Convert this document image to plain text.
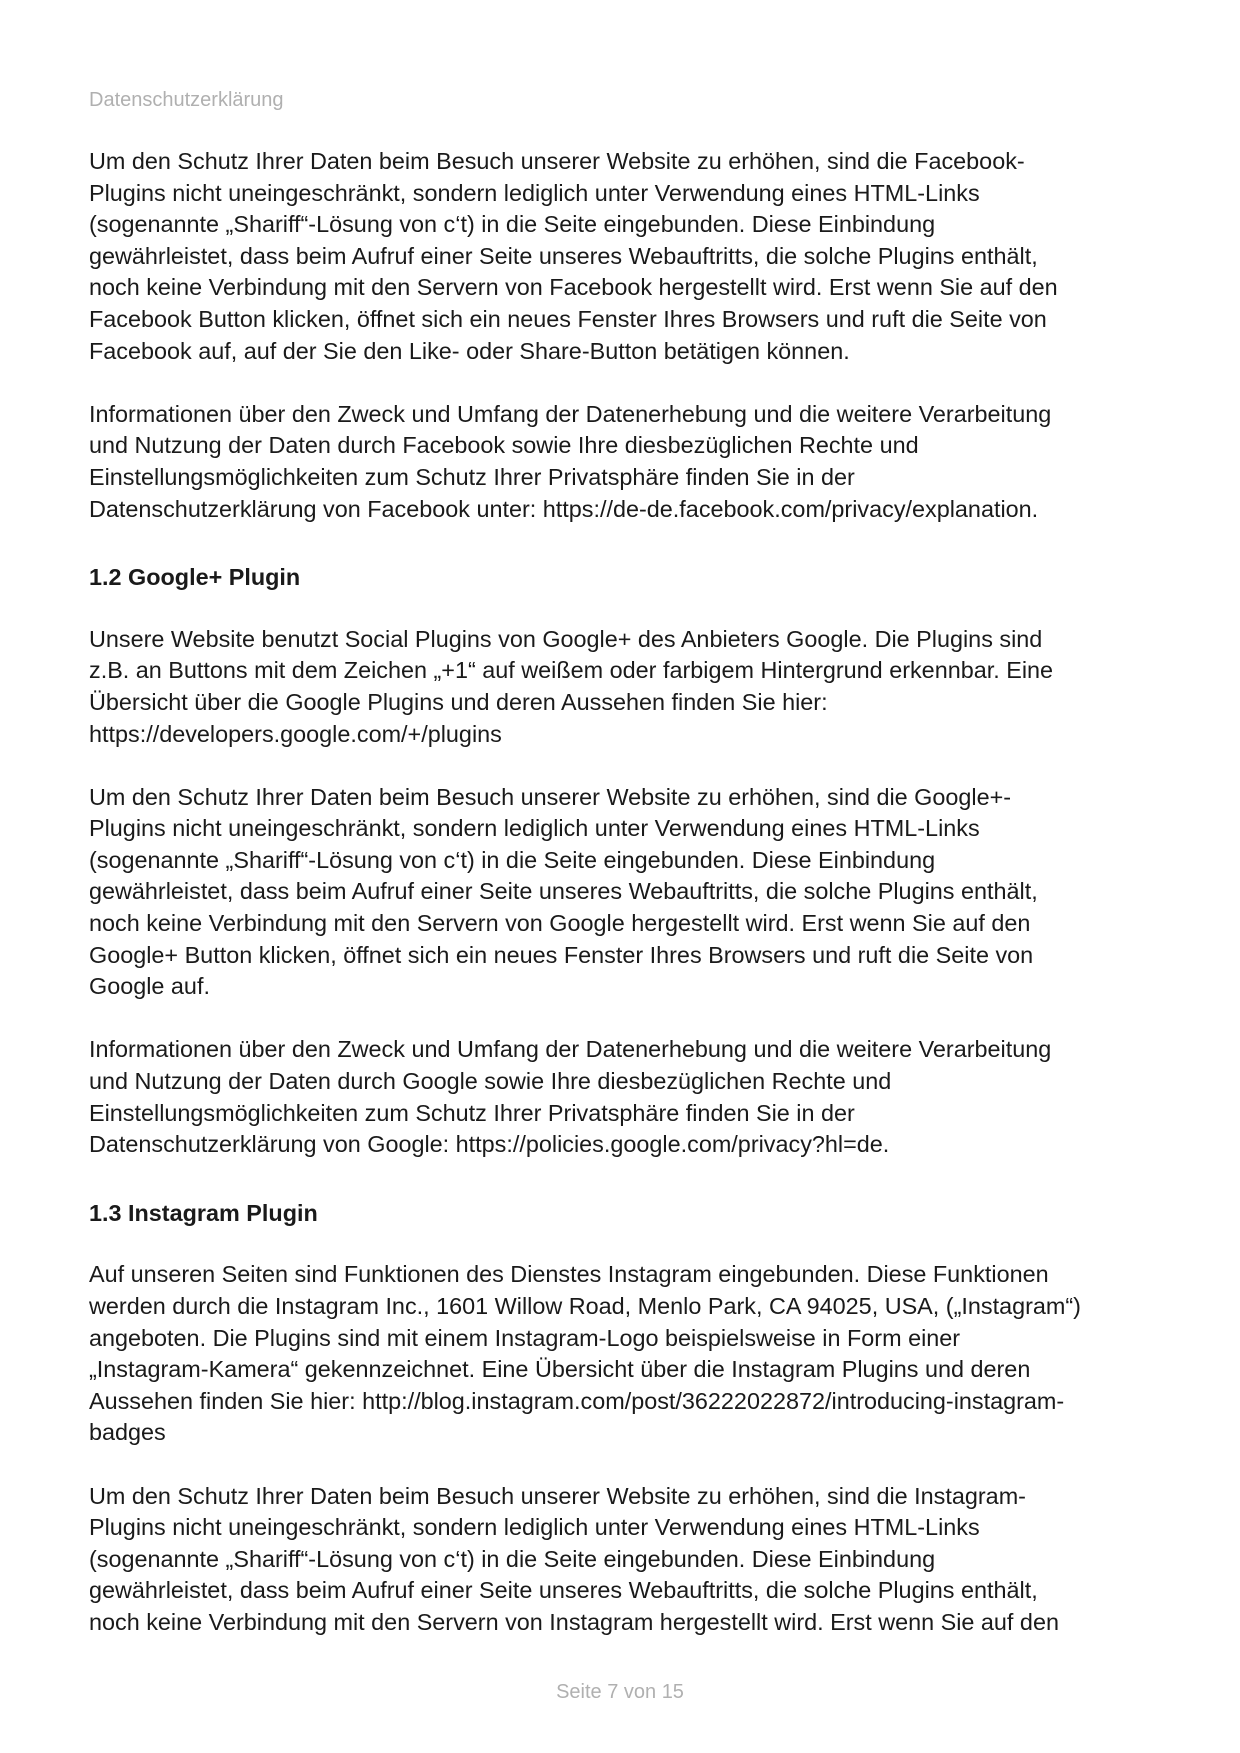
Datenschutzerklärung

Um den Schutz Ihrer Daten beim Besuch unserer Website zu erhöhen, sind die Facebook-
Plugins nicht uneingeschränkt, sondern lediglich unter Verwendung eines HTML-Links
(sogenannte „Shariff“-Lösung von c‘t) in die Seite eingebunden. Diese Einbindung
gewährleistet, dass beim Aufruf einer Seite unseres Webauftritts, die solche Plugins enthält,
noch keine Verbindung mit den Servern von Facebook hergestellt wird. Erst wenn Sie auf den
Facebook Button klicken, öffnet sich ein neues Fenster Ihres Browsers und ruft die Seite von
Facebook auf, auf der Sie den Like- oder Share-Button betätigen können.

Informationen über den Zweck und Umfang der Datenerhebung und die weitere Verarbeitung
und Nutzung der Daten durch Facebook sowie Ihre diesbezüglichen Rechte und
Einstellungsmöglichkeiten zum Schutz Ihrer Privatsphäre finden Sie in der
Datenschutzerklärung von Facebook unter: https://de-de.facebook.com/privacy/explanation.

1.2 Google+ Plugin

Unsere Website benutzt Social Plugins von Google+ des Anbieters Google. Die Plugins sind
z.B. an Buttons mit dem Zeichen „+1“ auf weißem oder farbigem Hintergrund erkennbar. Eine
Übersicht über die Google Plugins und deren Aussehen finden Sie hier:
https://developers.google.com/+/plugins

Um den Schutz Ihrer Daten beim Besuch unserer Website zu erhöhen, sind die Google+-
Plugins nicht uneingeschränkt, sondern lediglich unter Verwendung eines HTML-Links
(sogenannte „Shariff“-Lösung von c‘t) in die Seite eingebunden. Diese Einbindung
gewährleistet, dass beim Aufruf einer Seite unseres Webauftritts, die solche Plugins enthält,
noch keine Verbindung mit den Servern von Google hergestellt wird. Erst wenn Sie auf den
Google+ Button klicken, öffnet sich ein neues Fenster Ihres Browsers und ruft die Seite von
Google auf.

Informationen über den Zweck und Umfang der Datenerhebung und die weitere Verarbeitung
und Nutzung der Daten durch Google sowie Ihre diesbezüglichen Rechte und
Einstellungsmöglichkeiten zum Schutz Ihrer Privatsphäre finden Sie in der
Datenschutzerklärung von Google: https://policies.google.com/privacy?hl=de.

1.3 Instagram Plugin

Auf unseren Seiten sind Funktionen des Dienstes Instagram eingebunden. Diese Funktionen
werden durch die Instagram Inc., 1601 Willow Road, Menlo Park, CA 94025, USA, („Instagram“)
angeboten. Die Plugins sind mit einem Instagram-Logo beispielsweise in Form einer
„Instagram-Kamera“ gekennzeichnet. Eine Übersicht über die Instagram Plugins und deren
Aussehen finden Sie hier: http://blog.instagram.com/post/36222022872/introducing-instagram-
badges

Um den Schutz Ihrer Daten beim Besuch unserer Website zu erhöhen, sind die Instagram-
Plugins nicht uneingeschränkt, sondern lediglich unter Verwendung eines HTML-Links
(sogenannte „Shariff“-Lösung von c‘t) in die Seite eingebunden. Diese Einbindung
gewährleistet, dass beim Aufruf einer Seite unseres Webauftritts, die solche Plugins enthält,
noch keine Verbindung mit den Servern von Instagram hergestellt wird. Erst wenn Sie auf den

Seite 7 von 15
